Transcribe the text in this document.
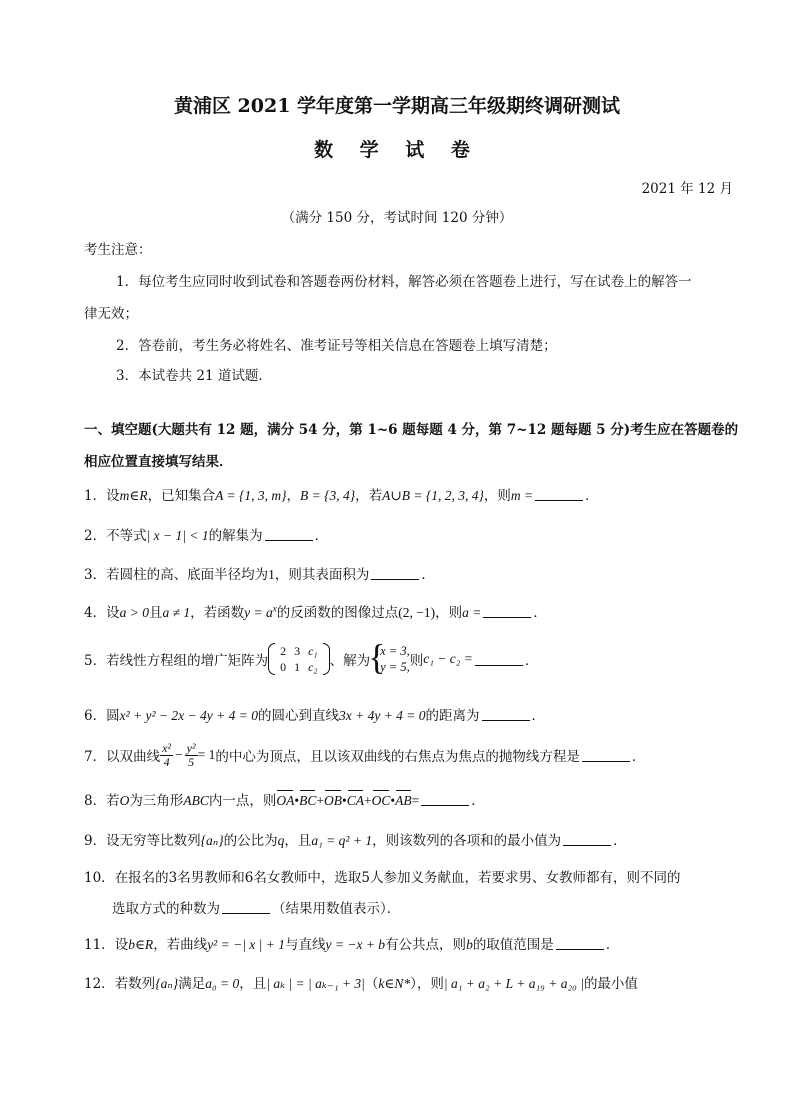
黄浦区 2021 学年度第一学期高三年级期终调研测试
数 学 试 卷
2021 年 12 月
（满分 150 分，考试时间 120 分钟）
考生注意：
1．每位考生应同时收到试卷和答题卷两份材料，解答必须在答题卷上进行，写在试卷上的解答一
律无效；
2．答卷前，考生务必将姓名、准考证号等相关信息在答题卷上填写清楚；
3．本试卷共 21 道试题．
一、填空题(大题共有 12 题，满分 54 分，第 1~6 题每题 4 分，第 7~12 题每题 5 分)考生应在答题卷的
相应位置直接填写结果．
1．设m∈R，已知集合A = {1, 3, m}，B = {3, 4}，若A∪B = {1, 2, 3, 4}，则m =	．
2．不等式| x − 1| < 1的解集为	．
3．若圆柱的高、底面半径均为1，则其表面积为	．
4．设a > 0且a ≠ 1，若函数$y = a^x$的反函数的图像过点(2, −1)，则a =	．
5． 若线性方程组的增广矩阵为
2	3	c₁
0	1	c₂ 、解为
{ x = 3,
y = 5, 则 c₁ − c₂ =	．
6．圆x² + y² − 2x − 4y + 4 = 0的圆心到直线3x + 4y + 4 = 0的距离为	．
7． 以双曲线 $\frac{\text{x²}}{4} - \frac{\text{y²}}{5} = 1$ 的中心为顶点，且以该双曲线的右焦点为焦点的抛物线方程是	．
8．若O为三角形ABC内一点，则OA•BC+OB•CA+OC•AB=	．
9．设无穷等比数列{aₙ}的公比为q，且a₁ = q² + 1，则该数列的各项和的最小值为	．
10．在报名的3名男教师和6名女教师中，选取5人参加义务献血，若要求男、女教师都有，则不同的
选取方式的种数为	（结果用数值表示）．
11．设b∈R，若曲线y² = −| x | + 1与直线y = −x + b有公共点，则b的取值范围是	．
12．若数列{aₙ}满足a₀ = 0，且| aₖ | = | aₖ₋₁ + 3|（k∈N*），则| a₁ + a₂ + L + a₁₉ + a₂₀ |的最小值
